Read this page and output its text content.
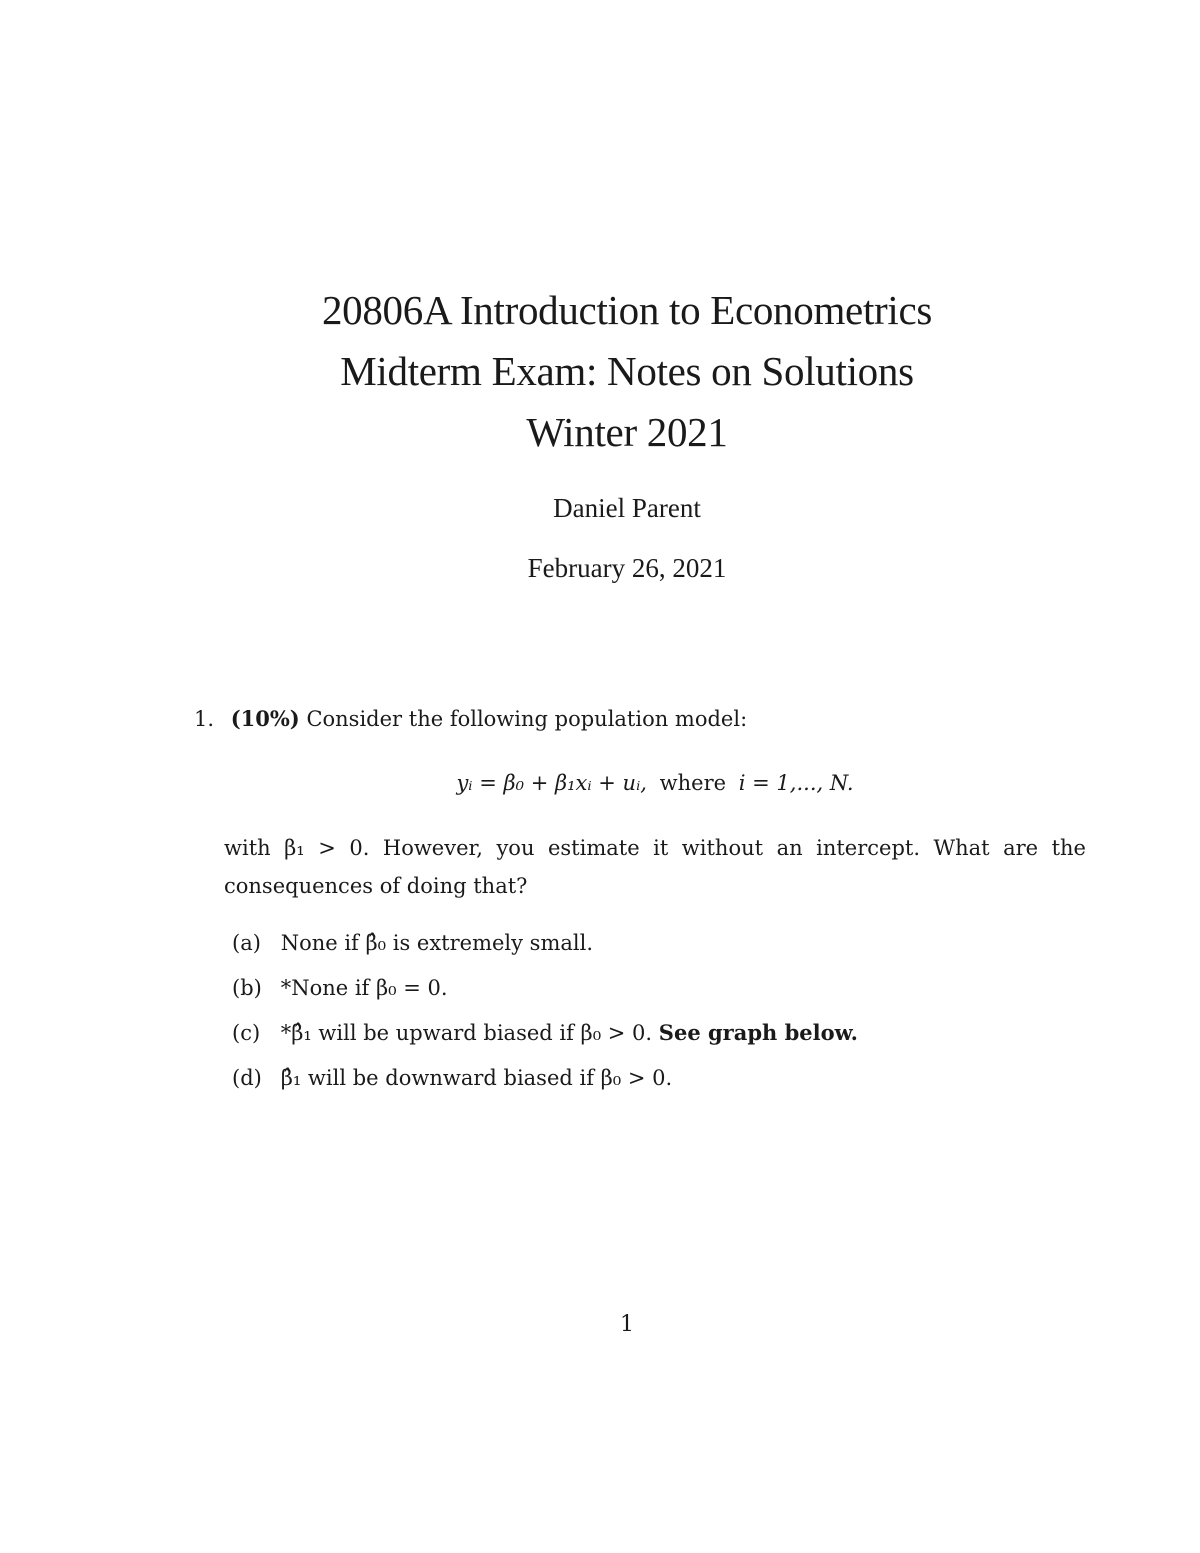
20806A Introduction to Econometrics
Midterm Exam: Notes on Solutions
Winter 2021
Daniel Parent
February 26, 2021
1. (10%) Consider the following population model:
yᵢ = β₀ + β₁xᵢ + uᵢ, where i = 1,..., N.
with β₁ > 0. However, you estimate it without an intercept. What are the consequences of doing that?
(a) None if β̂₀ is extremely small.
(b) *None if β₀ = 0.
(c) *β̂₁ will be upward biased if β₀ > 0. See graph below.
(d) β̂₁ will be downward biased if β₀ > 0.
1
